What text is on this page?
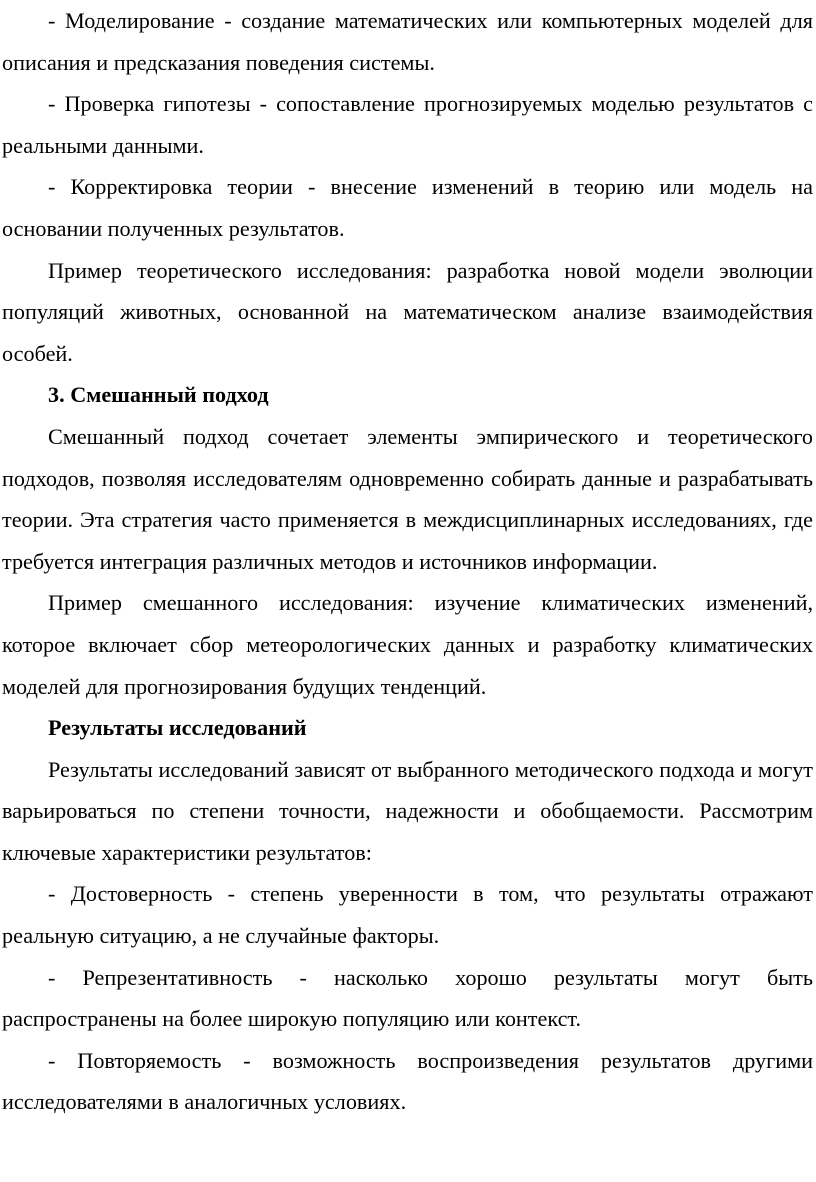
- Моделирование - создание математических или компьютерных моделей для описания и предсказания поведения системы.

- Проверка гипотезы - сопоставление прогнозируемых моделью результатов с реальными данными.

- Корректировка теории - внесение изменений в теорию или модель на основании полученных результатов.

Пример теоретического исследования: разработка новой модели эволюции популяций животных, основанной на математическом анализе взаимодействия особей.

3. Смешанный подход

Смешанный подход сочетает элементы эмпирического и теоретического подходов, позволяя исследователям одновременно собирать данные и разрабатывать теории. Эта стратегия часто применяется в междисциплинарных исследованиях, где требуется интеграция различных методов и источников информации.

Пример смешанного исследования: изучение климатических изменений, которое включает сбор метеорологических данных и разработку климатических моделей для прогнозирования будущих тенденций.

Результаты исследований

Результаты исследований зависят от выбранного методического подхода и могут варьироваться по степени точности, надежности и обобщаемости. Рассмотрим ключевые характеристики результатов:

- Достоверность - степень уверенности в том, что результаты отражают реальную ситуацию, а не случайные факторы.

- Репрезентативность - насколько хорошо результаты могут быть распространены на более широкую популяцию или контекст.

- Повторяемость - возможность воспроизведения результатов другими исследователями в аналогичных условиях.
